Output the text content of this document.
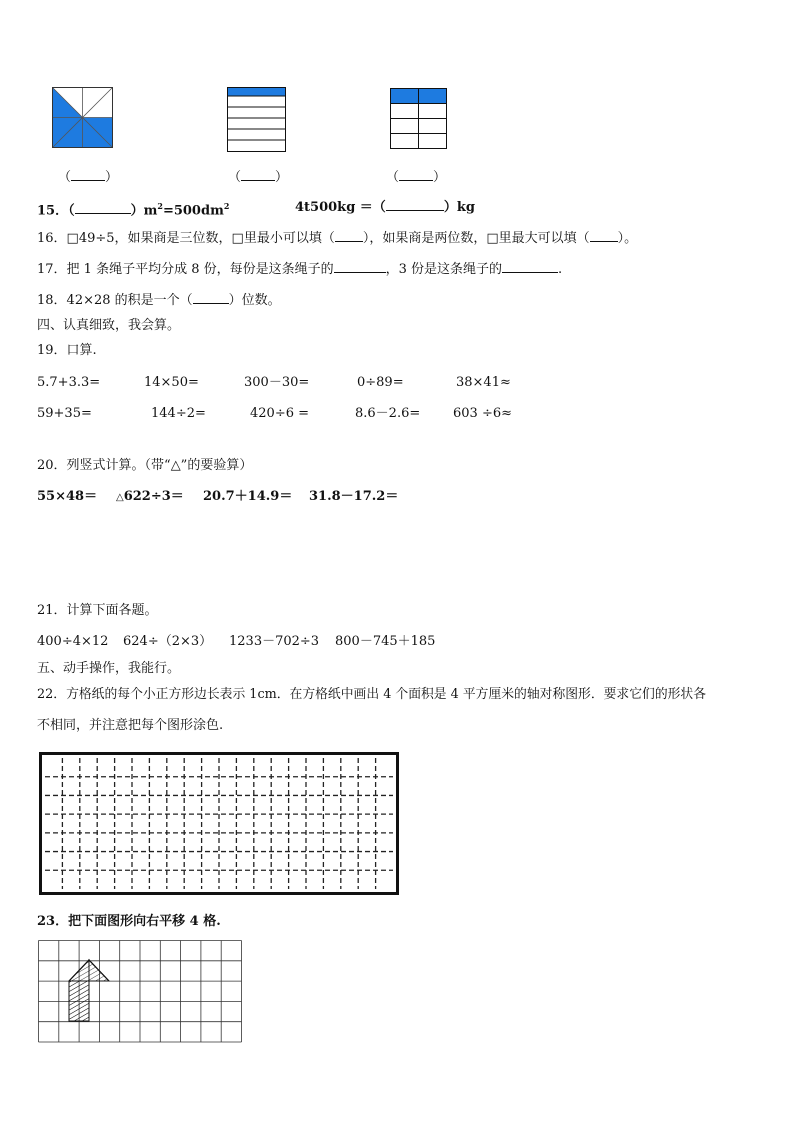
（	）	（	）	（	）
15．（	）$m^2=500dm^2$	4t500kg ＝（	）kg
16．□49÷5，如果商是三位数，□里最小可以填（ ），如果商是两位数，□里最大可以填（ ）。
17．把 1 条绳子平均分成 8 份，每份是这条绳子的	，3 份是这条绳子的	.
18．42×28 的积是一个（	）位数。
四、认真细致，我会算。
19．口算.
5.7+3.3=	14×50=	300－30=	0÷89=	38×41≈
59+35=	144÷2=	420÷6 =	8.6－2.6=	603 ÷6≈
20．列竖式计算。（带“△”的要验算）
55×48＝ △622÷3＝ 20.7＋14.9＝ 31.8－17.2＝
21．计算下面各题。
400÷4×12 624÷（2×3） 1233－702÷3 800－745＋185
五、动手操作，我能行。
22．方格纸的每个小正方形边长表示 1cm．在方格纸中画出 4 个面积是 4 平方厘米的轴对称图形．要求它们的形状各
不相同，并注意把每个图形涂色.
23．把下面图形向右平移 4 格.
